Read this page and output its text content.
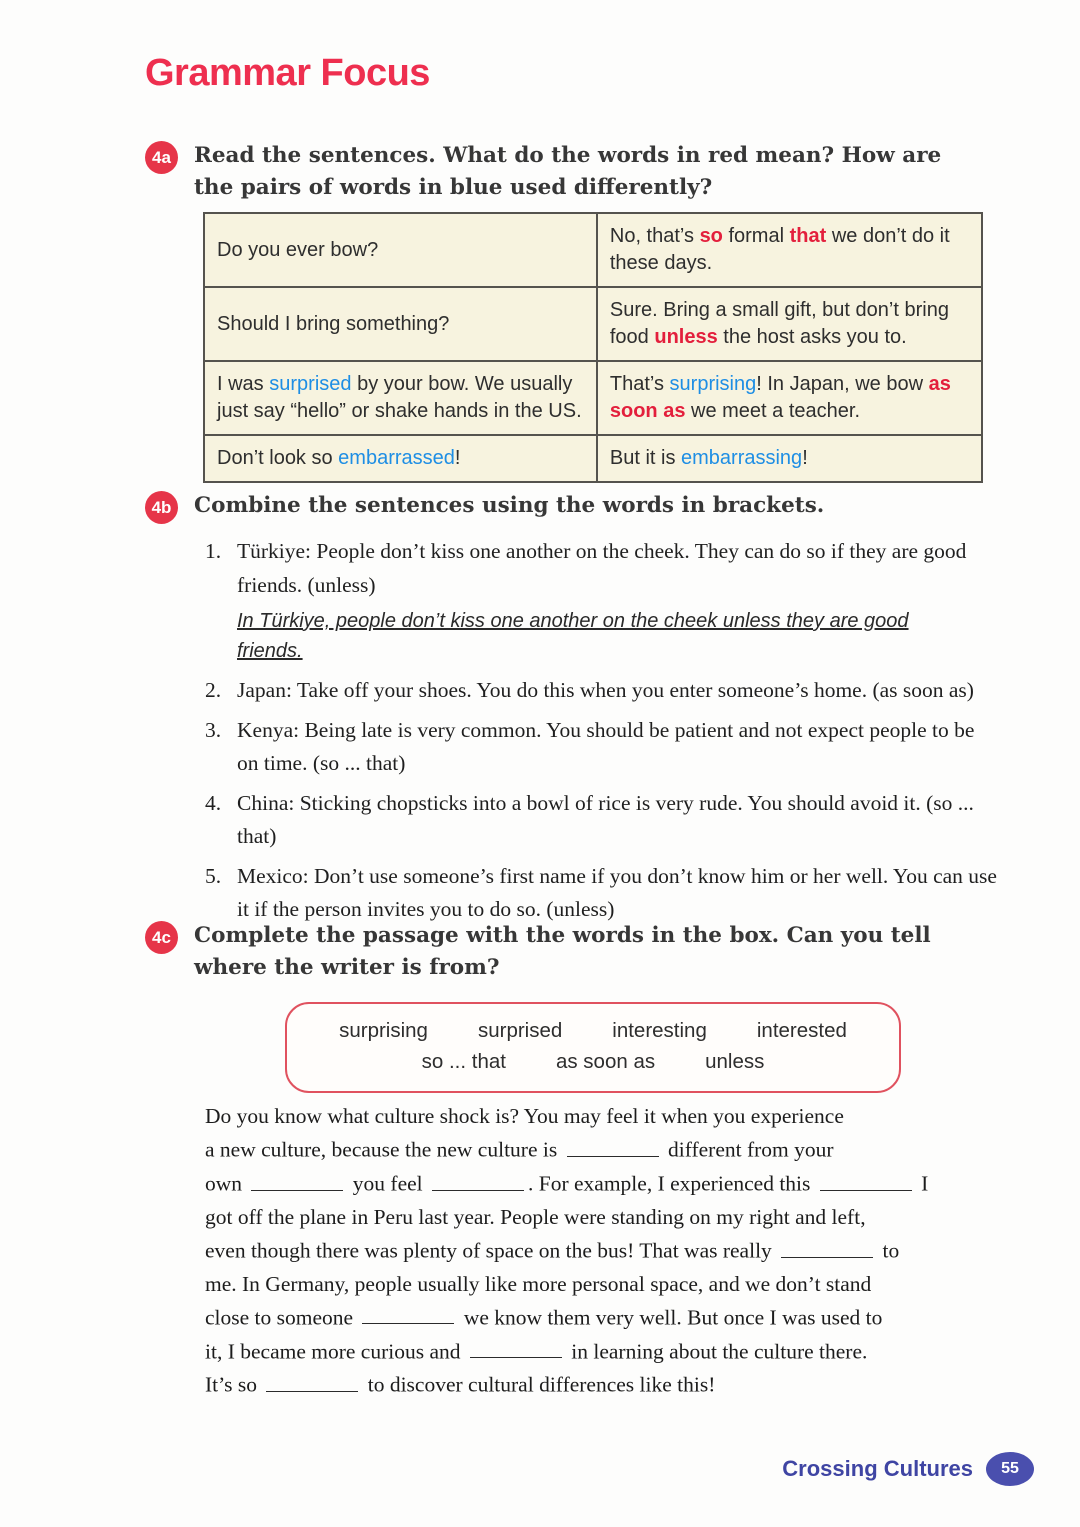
Grammar Focus
4a	Read the sentences. What do the words in red mean? How are the pairs of words in blue used differently?

Do you ever bow?	No, that’s so formal that we don’t do it these days.
Should I bring something?	Sure. Bring a small gift, but don’t bring food unless the host asks you to.
I was surprised by your bow. We usually just say “hello” or shake hands in the US.	That’s surprising! In Japan, we bow as soon as we meet a teacher.
Don’t look so embarrassed!	But it is embarrassing!
4b	Combine the sentences using the words in brackets.

1. Türkiye: People don’t kiss one another on the cheek. They can do so if they are good friends. (unless)
In Türkiye, people don’t kiss one another on the cheek unless they are good friends.
2. Japan: Take off your shoes. You do this when you enter someone’s home. (as soon as)
3. Kenya: Being late is very common. You should be patient and not expect people to be on time. (so ... that)
4. China: Sticking chopsticks into a bowl of rice is very rude. You should avoid it. (so ... that)
5. Mexico: Don’t use someone’s first name if you don’t know him or her well. You can use it if the person invites you to do so. (unless)
4c	Complete the passage with the words in the box. Can you tell where the writer is from?

surprising surprised interesting interested
so ... that as soon as unless
Do you know what culture shock is? You may feel it when you experience
a new culture, because the new culture is	different from your
own	you feel	. For example, I experienced this	I
got off the plane in Peru last year. People were standing on my right and left,
even though there was plenty of space on the bus! That was really	to
me. In Germany, people usually like more personal space, and we don’t stand
close to someone	we know them very well. But once I was used to
it, I became more curious and	in learning about the culture there.
It’s so	to discover cultural differences like this!
Crossing Cultures	55
